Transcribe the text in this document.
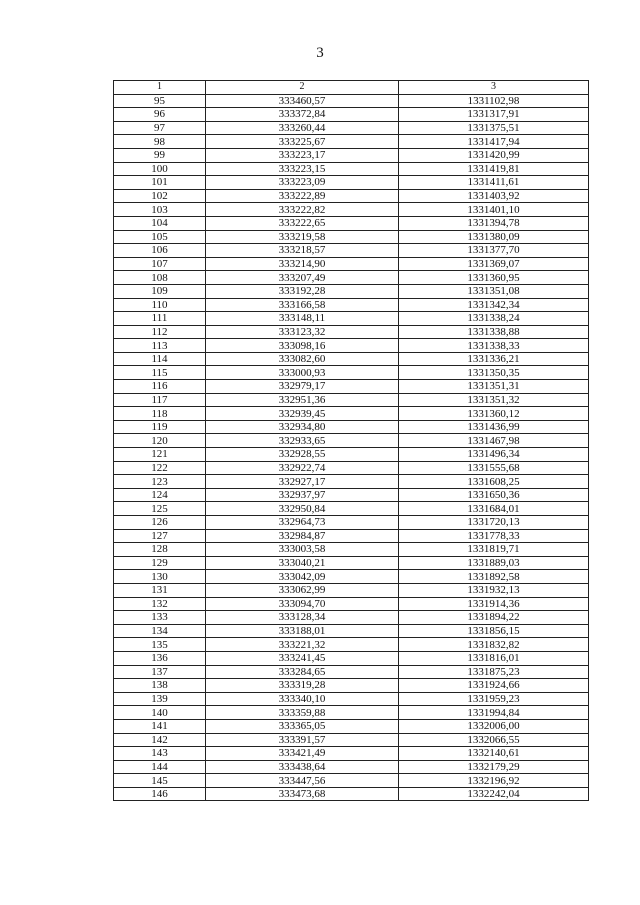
3
1	2	3
95	333460,57	1331102,98
96	333372,84	1331317,91
97	333260,44	1331375,51
98	333225,67	1331417,94
99	333223,17	1331420,99
100	333223,15	1331419,81
101	333223,09	1331411,61
102	333222,89	1331403,92
103	333222,82	1331401,10
104	333222,65	1331394,78
105	333219,58	1331380,09
106	333218,57	1331377,70
107	333214,90	1331369,07
108	333207,49	1331360,95
109	333192,28	1331351,08
110	333166,58	1331342,34
111	333148,11	1331338,24
112	333123,32	1331338,88
113	333098,16	1331338,33
114	333082,60	1331336,21
115	333000,93	1331350,35
116	332979,17	1331351,31
117	332951,36	1331351,32
118	332939,45	1331360,12
119	332934,80	1331436,99
120	332933,65	1331467,98
121	332928,55	1331496,34
122	332922,74	1331555,68
123	332927,17	1331608,25
124	332937,97	1331650,36
125	332950,84	1331684,01
126	332964,73	1331720,13
127	332984,87	1331778,33
128	333003,58	1331819,71
129	333040,21	1331889,03
130	333042,09	1331892,58
131	333062,99	1331932,13
132	333094,70	1331914,36
133	333128,34	1331894,22
134	333188,01	1331856,15
135	333221,32	1331832,82
136	333241,45	1331816,01
137	333284,65	1331875,23
138	333319,28	1331924,66
139	333340,10	1331959,23
140	333359,88	1331994,84
141	333365,05	1332006,00
142	333391,57	1332066,55
143	333421,49	1332140,61
144	333438,64	1332179,29
145	333447,56	1332196,92
146	333473,68	1332242,04
